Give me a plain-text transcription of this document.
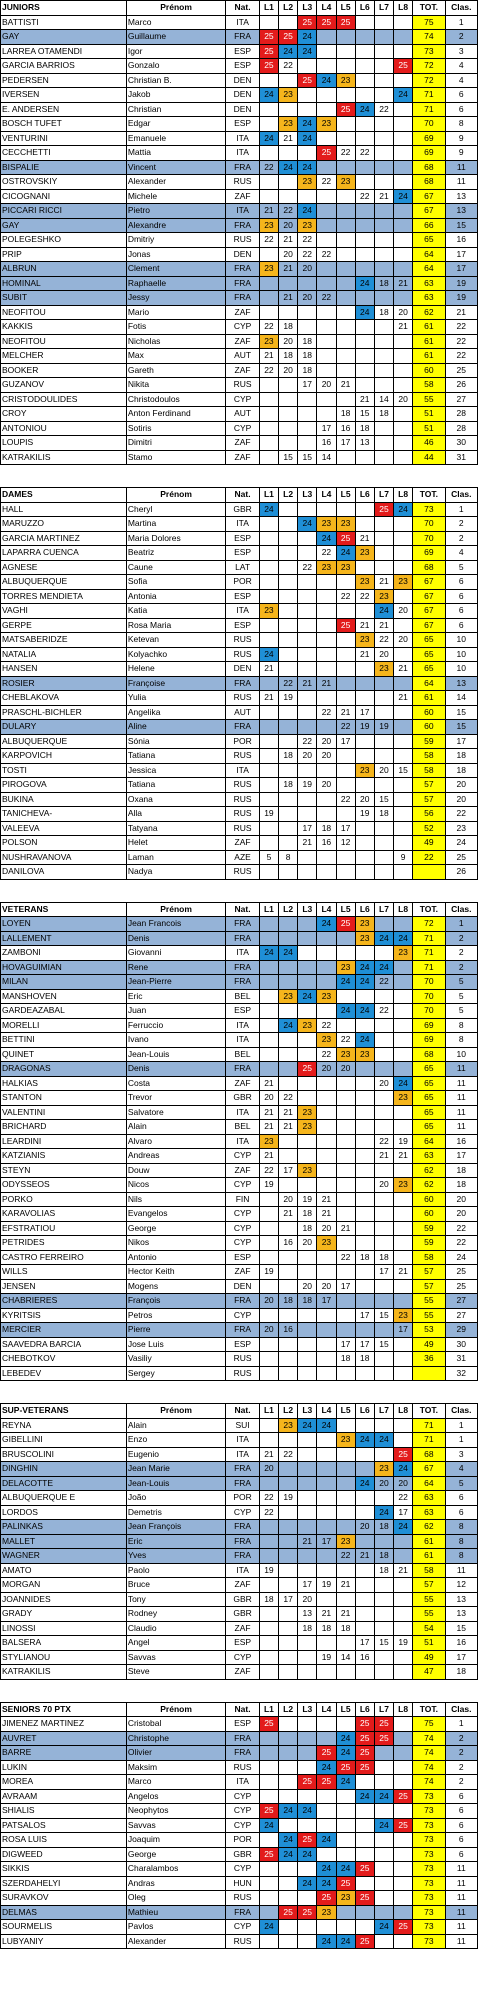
JUNIORS	Prénom	Nat.	L1	L2	L3	L4	L5	L6	L7	L8	TOT.	Clas.
BATTISTI	Marco	ITA			25	25	25				75	1
GAY	Guillaume	FRA	25	25	24						74	2
LARREA OTAMENDI	Igor	ESP	25	24	24						73	3
GARCIA BARRIOS	Gonzalo	ESP	25	22						25	72	4
PEDERSEN	Christian B.	DEN			25	24	23				72	4
IVERSEN	Jakob	DEN	24	23						24	71	6
E. ANDERSEN	Christian	DEN					25	24	22		71	6
BOSCH TUFET	Edgar	ESP		23	24	23					70	8
VENTURINI	Emanuele	ITA	24	21	24						69	9
CECCHETTI	Mattia	ITA				25	22	22			69	9
BISPALIE	Vincent	FRA	22	24	24						68	11
OSTROVSKIY	Alexander	RUS			23	22	23				68	11
CICOGNANI	Michele	ZAF						22	21	24	67	13
PICCARI RICCI	Pietro	ITA	21	22	24						67	13
GAY	Alexandre	FRA	23	20	23						66	15
POLEGESHKO	Dmitriy	RUS	22	21	22						65	16
PRIP	Jonas	DEN		20	22	22					64	17
ALBRUN	Clement	FRA	23	21	20						64	17
HOMINAL	Raphaelle	FRA						24	18	21	63	19
SUBIT	Jessy	FRA		21	20	22					63	19
NEOFITOU	Mario	ZAF						24	18	20	62	21
KAKKIS	Fotis	CYP	22	18						21	61	22
NEOFITOU	Nicholas	ZAF	23	20	18						61	22
MELCHER	Max	AUT	21	18	18						61	22
BOOKER	Gareth	ZAF	22	20	18						60	25
GUZANOV	Nikita	RUS			17	20	21				58	26
CRISTODOULIDES	Christodoulos	CYP						21	14	20	55	27
CROY	Anton Ferdinand	AUT					18	15	18		51	28
ANTONIOU	Sotiris	CYP				17	16	18			51	28
LOUPIS	Dimitri	ZAF				16	17	13			46	30
KATRAKILIS	Stamo	ZAF		15	15	14					44	31
DAMES	Prénom	Nat.	L1	L2	L3	L4	L5	L6	L7	L8	TOT.	Clas.
HALL	Cheryl	GBR	24						25	24	73	1
MARUZZO	Martina	ITA			24	23	23				70	2
GARCIA MARTINEZ	Maria Dolores	ESP				24	25	21			70	2
LAPARRA CUENCA	Beatriz	ESP				22	24	23			69	4
AGNESE	Caune	LAT			22	23	23				68	5
ALBUQUERQUE	Sofia	POR						23	21	23	67	6
TORRES MENDIETA	Antonia	ESP					22	22	23		67	6
VAGHI	Katia	ITA	23						24	20	67	6
GERPE	Rosa Maria	ESP					25	21	21		67	6
MATSABERIDZE	Ketevan	RUS						23	22	20	65	10
NATALIA	Kolyachko	RUS	24					21	20		65	10
HANSEN	Helene	DEN	21						23	21	65	10
ROSIER	Françoise	FRA		22	21	21					64	13
CHEBLAKOVA	Yulia	RUS	21	19						21	61	14
PRASCHL-BICHLER	Angelika	AUT				22	21	17			60	15
DULARY	Aline	FRA					22	19	19		60	15
ALBUQUERQUE	Sónia	POR			22	20	17				59	17
KARPOVICH	Tatiana	RUS		18	20	20					58	18
TOSTI	Jessica	ITA						23	20	15	58	18
PIROGOVA	Tatiana	RUS		18	19	20					57	20
BUKINA	Oxana	RUS					22	20	15		57	20
TANICHEVA-	Alla	RUS	19					19	18		56	22
VALEEVA	Tatyana	RUS			17	18	17				52	23
POLSON	Helet	ZAF			21	16	12				49	24
NUSHRAVANOVA	Laman	AZE	5	8						9	22	25
DANILOVA	Nadya	RUS										26
VETERANS	Prénom	Nat.	L1	L2	L3	L4	L5	L6	L7	L8	TOT.	Clas.
LOYEN	Jean Francois	FRA				24	25	23			72	1
LALLEMENT	Denis	FRA						23	24	24	71	2
ZAMBONI	Giovanni	ITA	24	24						23	71	2
HOVAGUIMIAN	Rene	FRA					23	24	24		71	2
MILAN	Jean-Pierre	FRA					24	24	22		70	5
MANSHOVEN	Eric	BEL		23	24	23					70	5
GARDEAZABAL	Juan	ESP					24	24	22		70	5
MORELLI	Ferruccio	ITA		24	23	22					69	8
BETTINI	Ivano	ITA				23	22	24			69	8
QUINET	Jean-Louis	BEL				22	23	23			68	10
DRAGONAS	Denis	FRA			25	20	20				65	11
HALKIAS	Costa	ZAF	21						20	24	65	11
STANTON	Trevor	GBR	20	22						23	65	11
VALENTINI	Salvatore	ITA	21	21	23						65	11
BRICHARD	Alain	BEL	21	21	23						65	11
LEARDINI	Alvaro	ITA	23						22	19	64	16
KATZIANIS	Andreas	CYP	21						21	21	63	17
STEYN	Douw	ZAF	22	17	23						62	18
ODYSSEOS	Nicos	CYP	19						20	23	62	18
PORKO	Nils	FIN		20	19	21					60	20
KARAVOLIAS	Evangelos	CYP		21	18	21					60	20
EFSTRATIOU	George	CYP			18	20	21				59	22
PETRIDES	Nikos	CYP		16	20	23					59	22
CASTRO FERREIRO	Antonio	ESP					22	18	18		58	24
WILLS	Hector Keith	ZAF	19						17	21	57	25
JENSEN	Mogens	DEN			20	20	17				57	25
CHABRIERES	François	FRA	20	18	18	17					55	27
KYRITSIS	Petros	CYP						17	15	23	55	27
MERCIER	Pierre	FRA	20	16						17	53	29
SAAVEDRA BARCIA	Jose Luis	ESP					17	17	15		49	30
CHEBOTKOV	Vasiliy	RUS					18	18			36	31
LEBEDEV	Sergey	RUS										32
SUP-VETERANS	Prénom	Nat.	L1	L2	L3	L4	L5	L6	L7	L8	TOT.	Clas.
REYNA	Alain	SUI		23	24	24					71	1
GIBELLINI	Enzo	ITA					23	24	24		71	1
BRUSCOLINI	Eugenio	ITA	21	22						25	68	3
DINGHIN	Jean Marie	FRA	20						23	24	67	4
DELACOTTE	Jean-Louis	FRA						24	20	20	64	5
ALBUQUERQUE E	João	POR	22	19						22	63	6
LORDOS	Demetris	CYP	22						24	17	63	6
PALINKAS	Jean François	FRA						20	18	24	62	8
MALLET	Eric	FRA			21	17	23				61	8
WAGNER	Yves	FRA					22	21	18		61	8
AMATO	Paolo	ITA	19						18	21	58	11
MORGAN	Bruce	ZAF			17	19	21				57	12
JOANNIDES	Tony	GBR	18	17	20						55	13
GRADY	Rodney	GBR			13	21	21				55	13
LINOSSI	Claudio	ZAF			18	18	18				54	15
BALSERA	Angel	ESP						17	15	19	51	16
STYLIANOU	Savvas	CYP				19	14	16			49	17
KATRAKILIS	Steve	ZAF									47	18
SENIORS 70 PTX	Prénom	Nat.	L1	L2	L3	L4	L5	L6	L7	L8	TOT.	Clas.
JIMENEZ MARTINEZ	Cristobal	ESP	25					25	25		75	1
AUVRET	Christophe	FRA					24	25	25		74	2
BARRE	Olivier	FRA				25	24	25			74	2
LUKIN	Maksim	RUS				24	25	25			74	2
MOREA	Marco	ITA			25	25	24				74	2
AVRAAM	Angelos	CYP						24	24	25	73	6
SHIALIS	Neophytos	CYP	25	24	24						73	6
PATSALOS	Savvas	CYP	24						24	25	73	6
ROSA LUIS	Joaquim	POR		24	25	24					73	6
DIGWEED	George	GBR	25	24	24						73	6
SIKKIS	Charalambos	CYP				24	24	25			73	11
SZERDAHELYI	Andras	HUN			24	24	25				73	11
SURAVKOV	Oleg	RUS				25	23	25			73	11
DELMAS	Mathieu	FRA		25	25	23					73	11
SOURMELIS	Pavlos	CYP	24						24	25	73	11
LUBYANIY	Alexander	RUS				24	24	25			73	11
